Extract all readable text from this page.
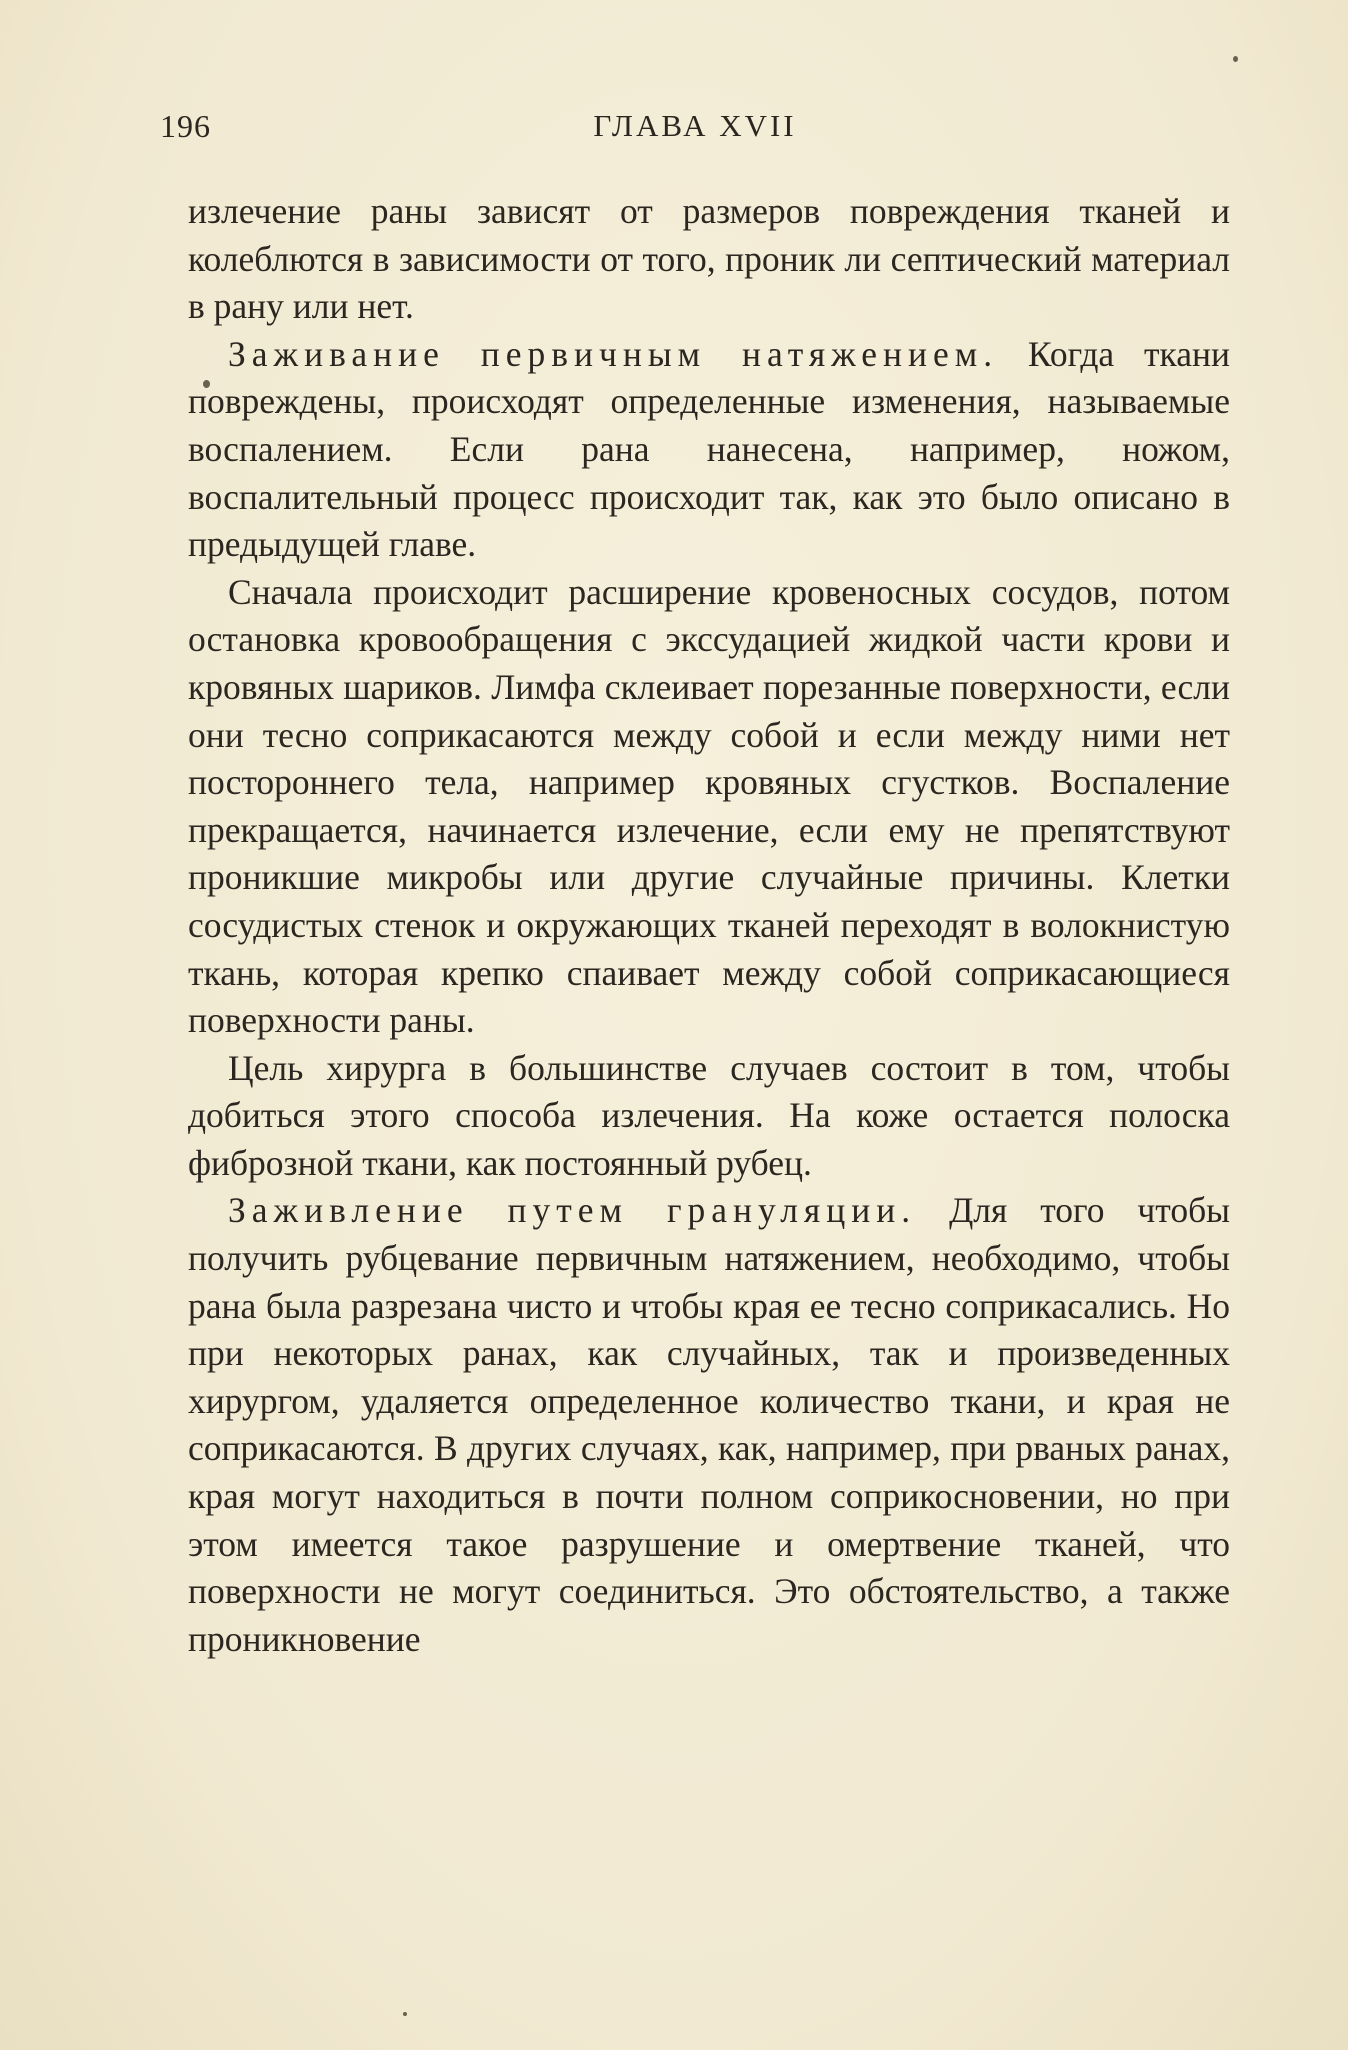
196	ГЛАВА XVII

излечение раны зависят от размеров повреждения тканей и колеблются в зависимости от того, проник ли септический материал в рану или нет.

Заживание первичным натяжением. Когда ткани повреждены, происходят определенные изменения, называемые воспалением. Если рана нанесена, например, ножом, воспалительный процесс происходит так, как это было описано в предыдущей главе.

Сначала происходит расширение кровеносных сосудов, потом остановка кровообращения с экссудацией жидкой части крови и кровяных шариков. Лимфа склеивает порезанные поверхности, если они тесно соприкасаются между собой и если между ними нет постороннего тела, например кровяных сгустков. Воспаление прекращается, начинается излечение, если ему не препятствуют проникшие микробы или другие случайные причины. Клетки сосудистых стенок и окружающих тканей переходят в волокнистую ткань, которая крепко спаивает между собой соприкасающиеся поверхности раны.

Цель хирурга в большинстве случаев состоит в том, чтобы добиться этого способа излечения. На коже остается полоска фиброзной ткани, как постоянный рубец.

Заживление путем грануляции. Для того чтобы получить рубцевание первичным натяжением, необходимо, чтобы рана была разрезана чисто и чтобы края ее тесно соприкасались. Но при некоторых ранах, как случайных, так и произведенных хирургом, удаляется определенное количество ткани, и края не соприкасаются. В других случаях, как, например, при рваных ранах, края могут находиться в почти полном соприкосновении, но при этом имеется такое разрушение и омертвение тканей, что поверхности не могут соединиться. Это обстоятельство, а также проникновение
